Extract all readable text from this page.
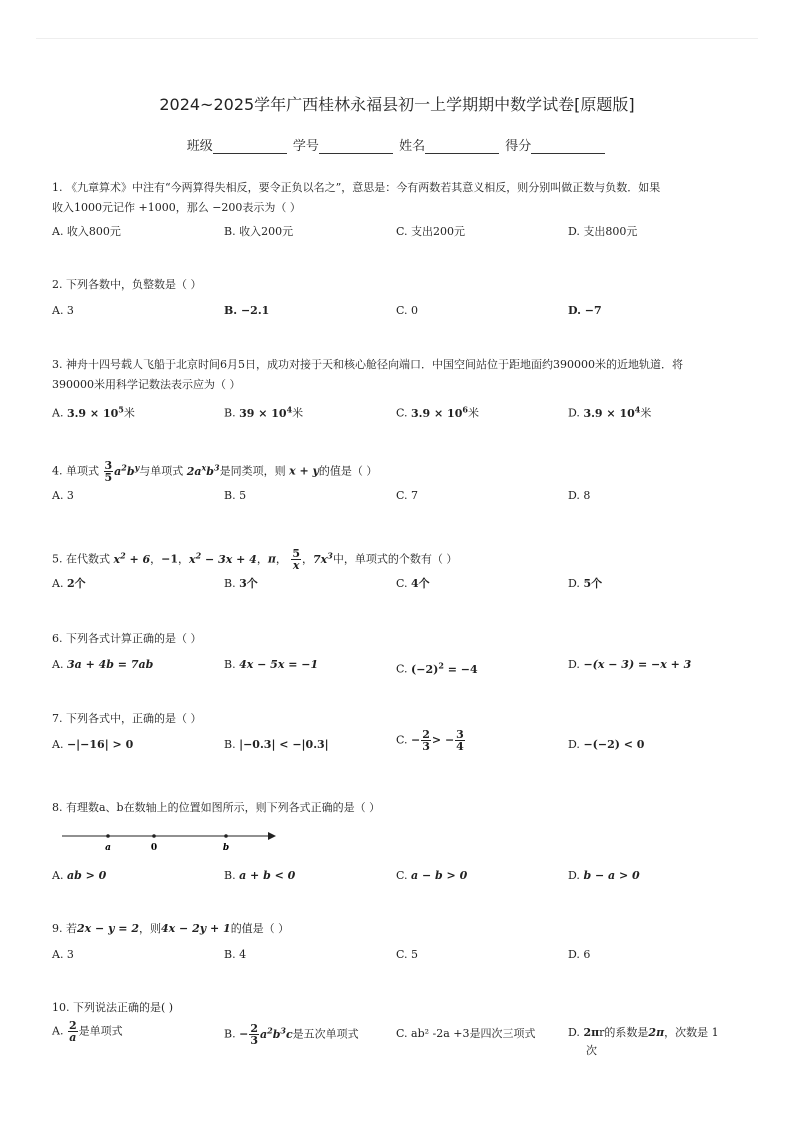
2024~2025学年广西桂林永福县初一上学期期中数学试卷[原题版]
班级	学号	姓名	得分
1. 《九章算术》中注有“今两算得失相反，要令正负以名之”，意思是：今有两数若其意义相反，则分别叫做正数与负数．如果
收入1000元记作 +1000，那么 −200表示为（ ）
A. 收入800元	B. 收入200元	C. 支出200元	D. 支出800元
2. 下列各数中，负整数是（ ）
A. 3	B. −2.1	C. 0	D. −7
3. 神舟十四号载人飞船于北京时间6月5日，成功对接于天和核心舱径向端口．中国空间站位于距地面约390000米的近地轨道．将
390000米用科学记数法表示应为（ ）
A. $3.9 \times 10^5$米	B. $39 \times 10^4$米	C. $3.9 \times 10^6$米	D. $3.9 \times 10^4$米
4. 单项式 $\frac{3}{5} a^2b^y$与单项式 $2a^xb^3$是同类项，则 x + y的值是（ ）
A. 3	B. 5	C. 7	D. 8
5. 在代数式 $x^2 + 6$，−1，$x^2 - 3x + 4$，π， $\frac{5}{x}$ ，$7x^3$中，单项式的个数有（ ）
A. 2个	B. 3个	C. 4个	D. 5个
6. 下列各式计算正确的是（ ）
A. 3a + 4b = 7ab	B. 4x − 5x = −1	C. $(-2)^2 = -4$	D. −(x − 3) = −x + 3
7. 下列各式中，正确的是（ ）
A. −|−16| > 0	B. |−0.3| < −|0.3|	C. − $\frac{2}{3}$ > − $\frac{3}{4}$	D. −(−2) < 0
8. 有理数a、b在数轴上的位置如图所示，则下列各式正确的是（ ）
a	0	b
A. ab > 0	B. a + b < 0	C. a − b > 0	D. b − a > 0
9. 若2x − y = 2，则4x − 2y + 1的值是（ ）
A. 3	B. 4	C. 5	D. 6
10. 下列说法正确的是( )
A. $\frac{2}{a}$ 是单项式	B. − $\frac{2}{3} a^2b^3c$是五次单项式	C. ab² -2a +3是四次三项式	D. 2πr的系数是2π，次数是 1
次
